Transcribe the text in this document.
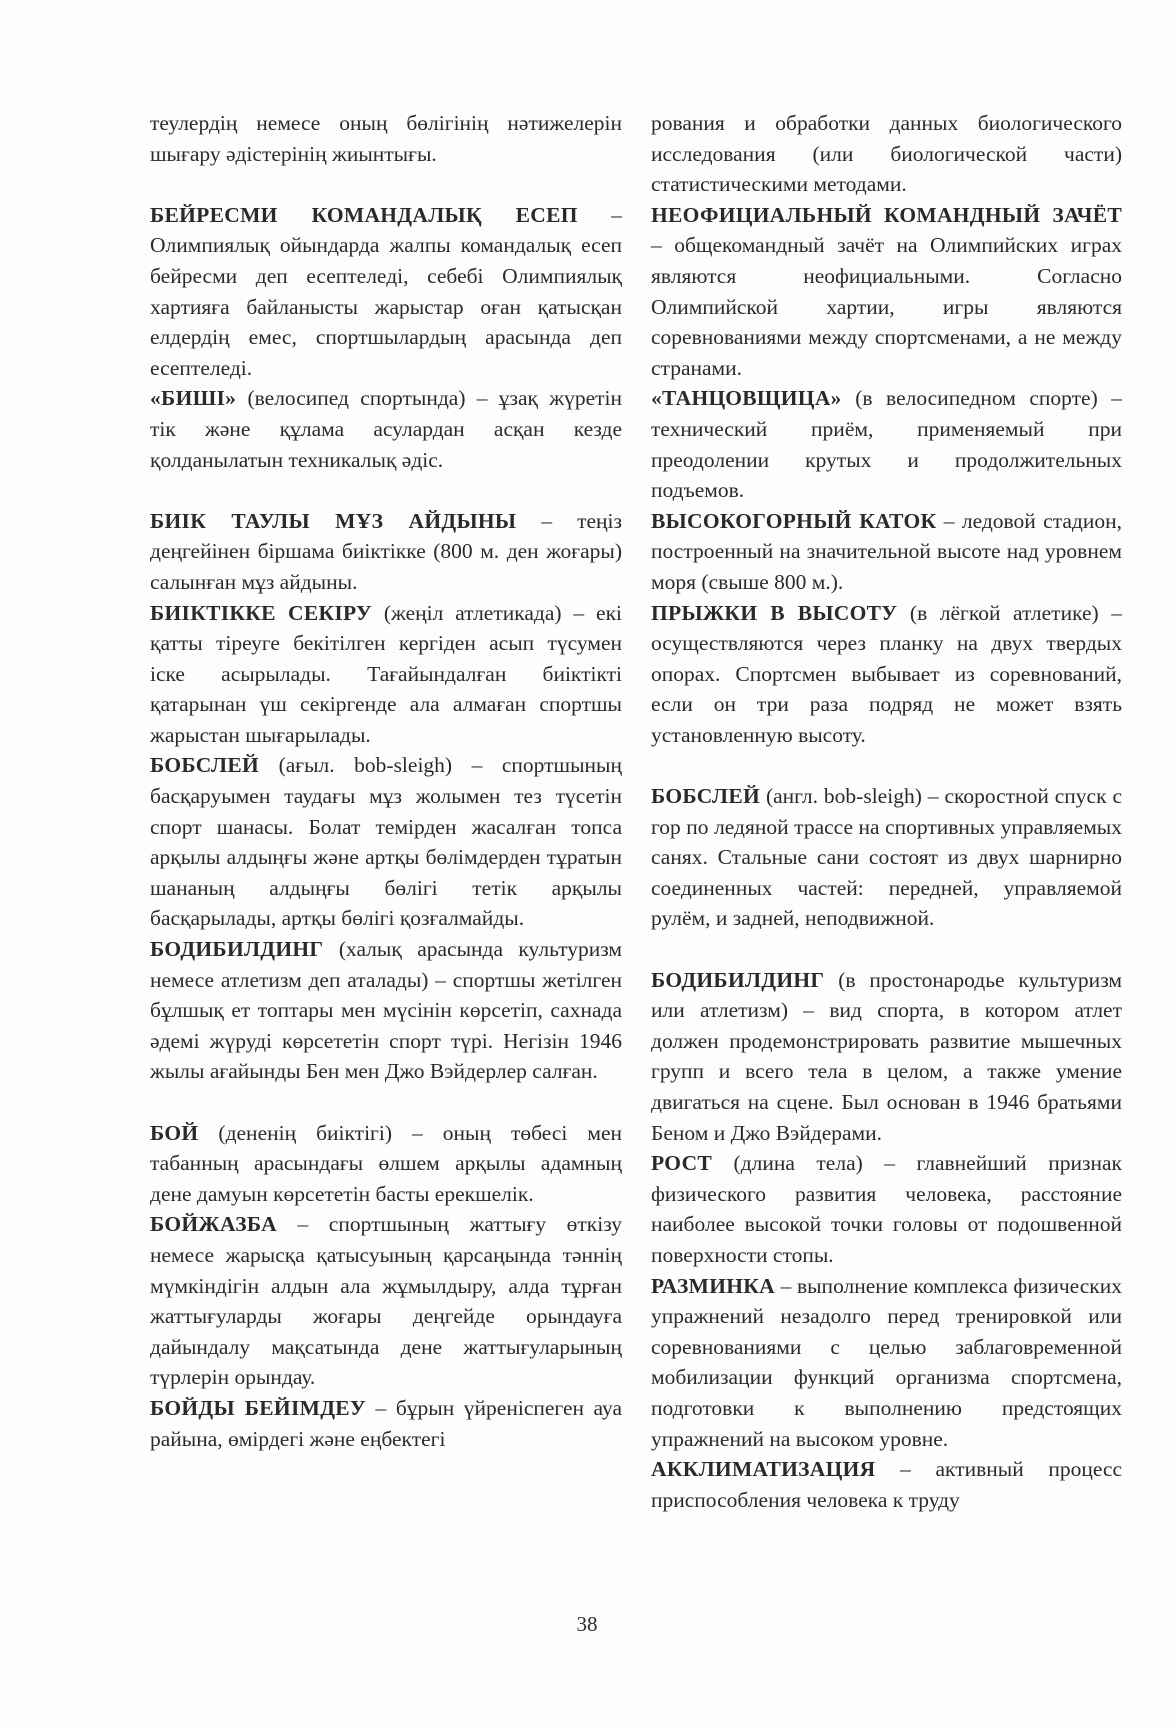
теулердің немесе оның бөлігінің нәтижелерін шығару әдістерінің жиынтығы.

БЕЙРЕСМИ КОМАНДАЛЫҚ ЕСЕП – Олимпиялық ойындарда жалпы командалық есеп бейресми деп есептеледі, себебі Олимпиялық хартияға байланысты жарыстар оған қатысқан елдердің емес, спортшылардың арасында деп есептеледі.

«БИШІ» (велосипед спортында) – ұзақ жүретін тік және құлама асулардан асқан кезде қолданылатын техникалық әдіс.

БИІК ТАУЛЫ МҰЗ АЙДЫНЫ – теңіз деңгейінен біршама биіктікке (800 м. ден жоғары) салынған мұз айдыны.

БИІКТІККЕ СЕКІРУ (жеңіл атлетикада) – екі қатты тіреуге бекітілген кергіден асып түсумен іске асырылады. Тағайындалған биіктікті қатарынан үш секіргенде ала алмаған спортшы жарыстан шығарылады.

БОБСЛЕЙ (ағыл. bob-sleigh) – спортшының басқаруымен таудағы мұз жолымен тез түсетін спорт шанасы. Болат темірден жасалған топса арқылы алдыңғы және артқы бөлімдерден тұратын шананың алдыңғы бөлігі тетік арқылы басқарылады, артқы бөлігі қозғалмайды.

БОДИБИЛДИНГ (халық арасында культуризм немесе атлетизм деп аталады) – спортшы жетілген бұлшық ет топтары мен мүсінін көрсетіп, сахнада әдемі жүруді көрсететін спорт түрі. Негізін 1946 жылы ағайынды Бен мен Джо Вэйдерлер салған.

БОЙ (дененің биіктігі) – оның төбесі мен табанның арасындағы өлшем арқылы адамның дене дамуын көрсететін басты ерекшелік.

БОЙЖАЗБА – спортшының жаттығу өткізу немесе жарысқа қатысуының қарсаңында тәннің мүмкіндігін алдын ала жұмылдыру, алда тұрған жаттығуларды жоғары деңгейде орындауға дайындалу мақсатында дене жаттығуларының түрлерін орындау.

БОЙДЫ БЕЙІМДЕУ – бұрын үйреніспеген ауа райына, өмірдегі және еңбектегі

рования и обработки данных биологического исследования (или биологической части) статистическими методами.

НЕОФИЦИАЛЬНЫЙ КОМАНДНЫЙ ЗАЧЁТ – общекомандный зачёт на Олимпийских играх являются неофициальными. Согласно Олимпийской хартии, игры являются соревнованиями между спортсменами, а не между странами.

«ТАНЦОВЩИЦА» (в велосипедном спорте) – технический приём, применяемый при преодолении крутых и продолжительных подъемов.

ВЫСОКОГОРНЫЙ КАТОК – ледовой стадион, построенный на значительной высоте над уровнем моря (свыше 800 м.).

ПРЫЖКИ В ВЫСОТУ (в лёгкой атлетике) – осуществляются через планку на двух твердых опорах. Спортсмен выбывает из соревнований, если он три раза подряд не может взять установленную высоту.

БОБСЛЕЙ (англ. bob-sleigh) – скоростной спуск с гор по ледяной трассе на спортивных управляемых санях. Стальные сани состоят из двух шарнирно соединенных частей: передней, управляемой рулём, и задней, неподвижной.

БОДИБИЛДИНГ (в простонародье культуризм или атлетизм) – вид спорта, в котором атлет должен продемонстрировать развитие мышечных групп и всего тела в целом, а также умение двигаться на сцене. Был основан в 1946 братьями Беном и Джо Вэйдерами.

РОСТ (длина тела) – главнейший признак физического развития человека, расстояние наиболее высокой точки головы от подошвенной поверхности стопы.

РАЗМИНКА – выполнение комплекса физических упражнений незадолго перед тренировкой или соревнованиями с целью заблаговременной мобилизации функций организма спортсмена, подготовки к выполнению предстоящих упражнений на высоком уровне.

АККЛИМАТИЗАЦИЯ – активный процесс приспособления человека к труду

38
